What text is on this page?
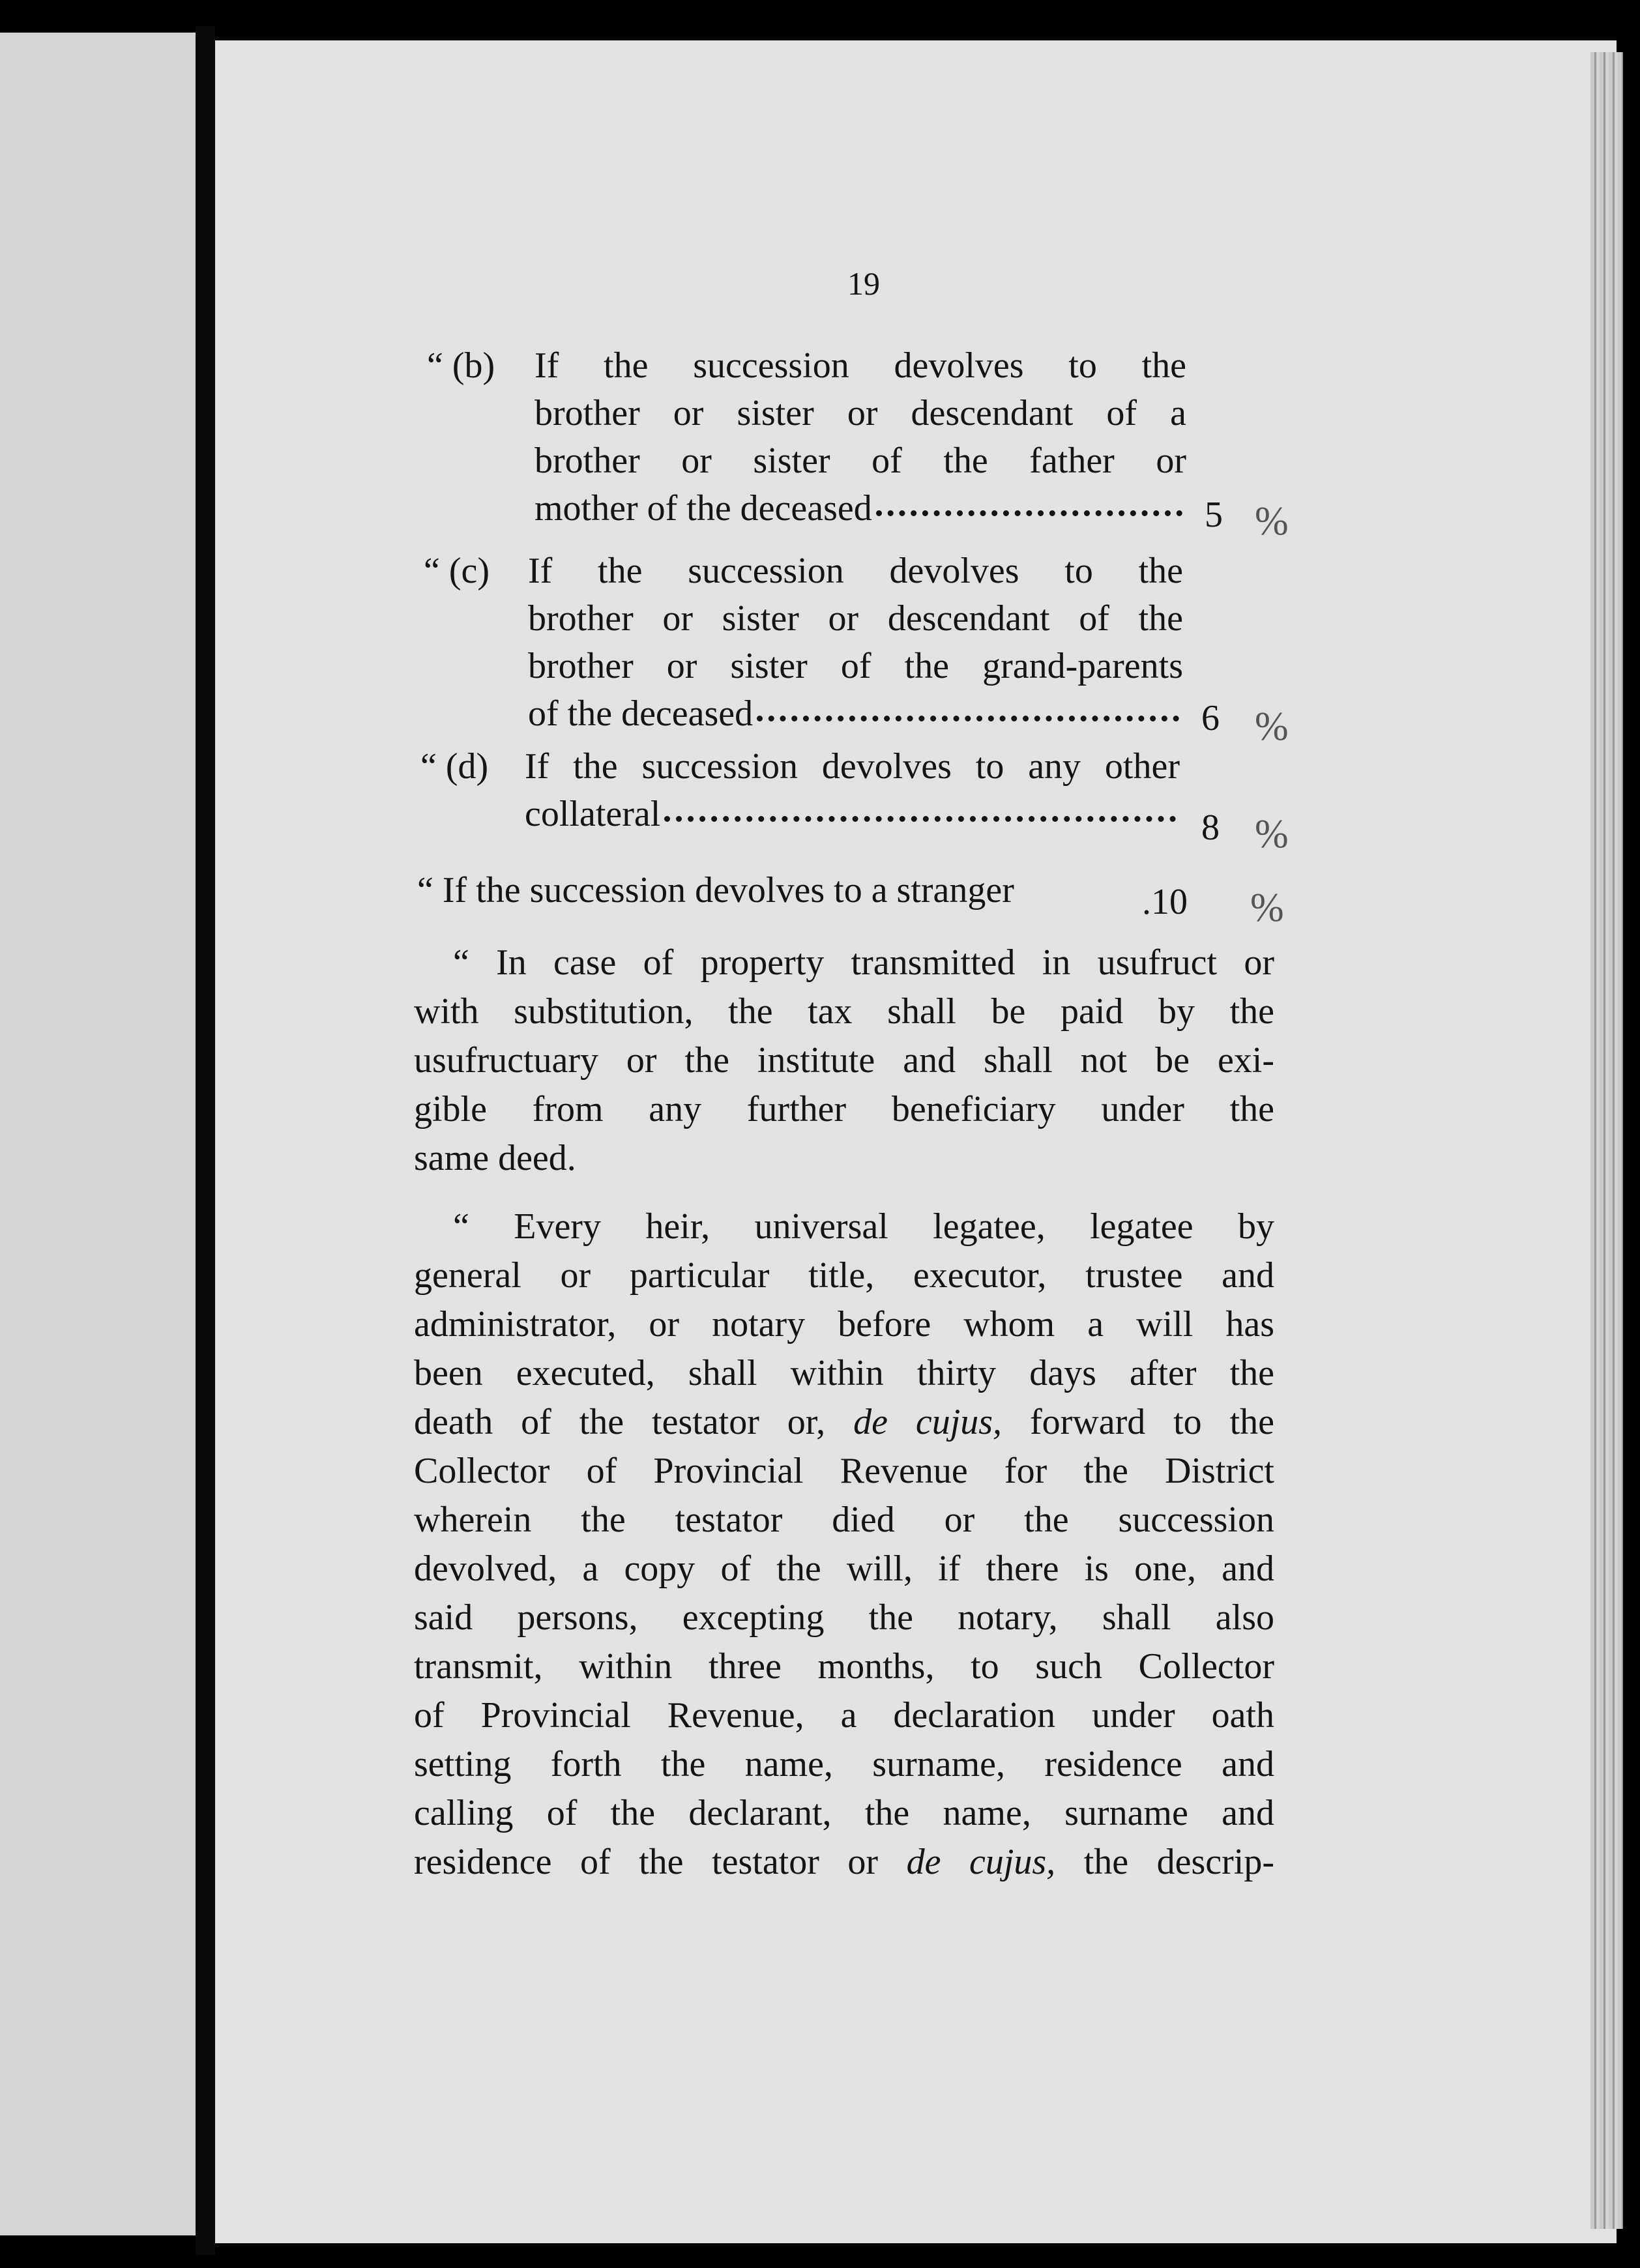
19
“ (b) If the succession devolves to the
brother or sister or descendant of a
brother or sister of the father or
mother of the deceased	5 %
“ (c) If the succession devolves to the
brother or sister or descendant of the
brother or sister of the grand-parents
of the deceased	6 %
“ (d) If the succession devolves to any other
collateral	8 %
“ If the succession devolves to a stranger	.10 %
“ In case of property transmitted in usufruct or
with substitution, the tax shall be paid by the
usufructuary or the institute and shall not be exi-
gible from any further beneficiary under the
same deed.
“ Every heir, universal legatee, legatee by
general or particular title, executor, trustee and
administrator, or notary before whom a will has
been executed, shall within thirty days after the
death of the testator or, de cujus, forward to the
Collector of Provincial Revenue for the District
wherein the testator died or the succession
devolved, a copy of the will, if there is one, and
said persons, excepting the notary, shall also
transmit, within three months, to such Collector
of Provincial Revenue, a declaration under oath
setting forth the name, surname, residence and
calling of the declarant, the name, surname and
residence of the testator or de cujus, the descrip-
